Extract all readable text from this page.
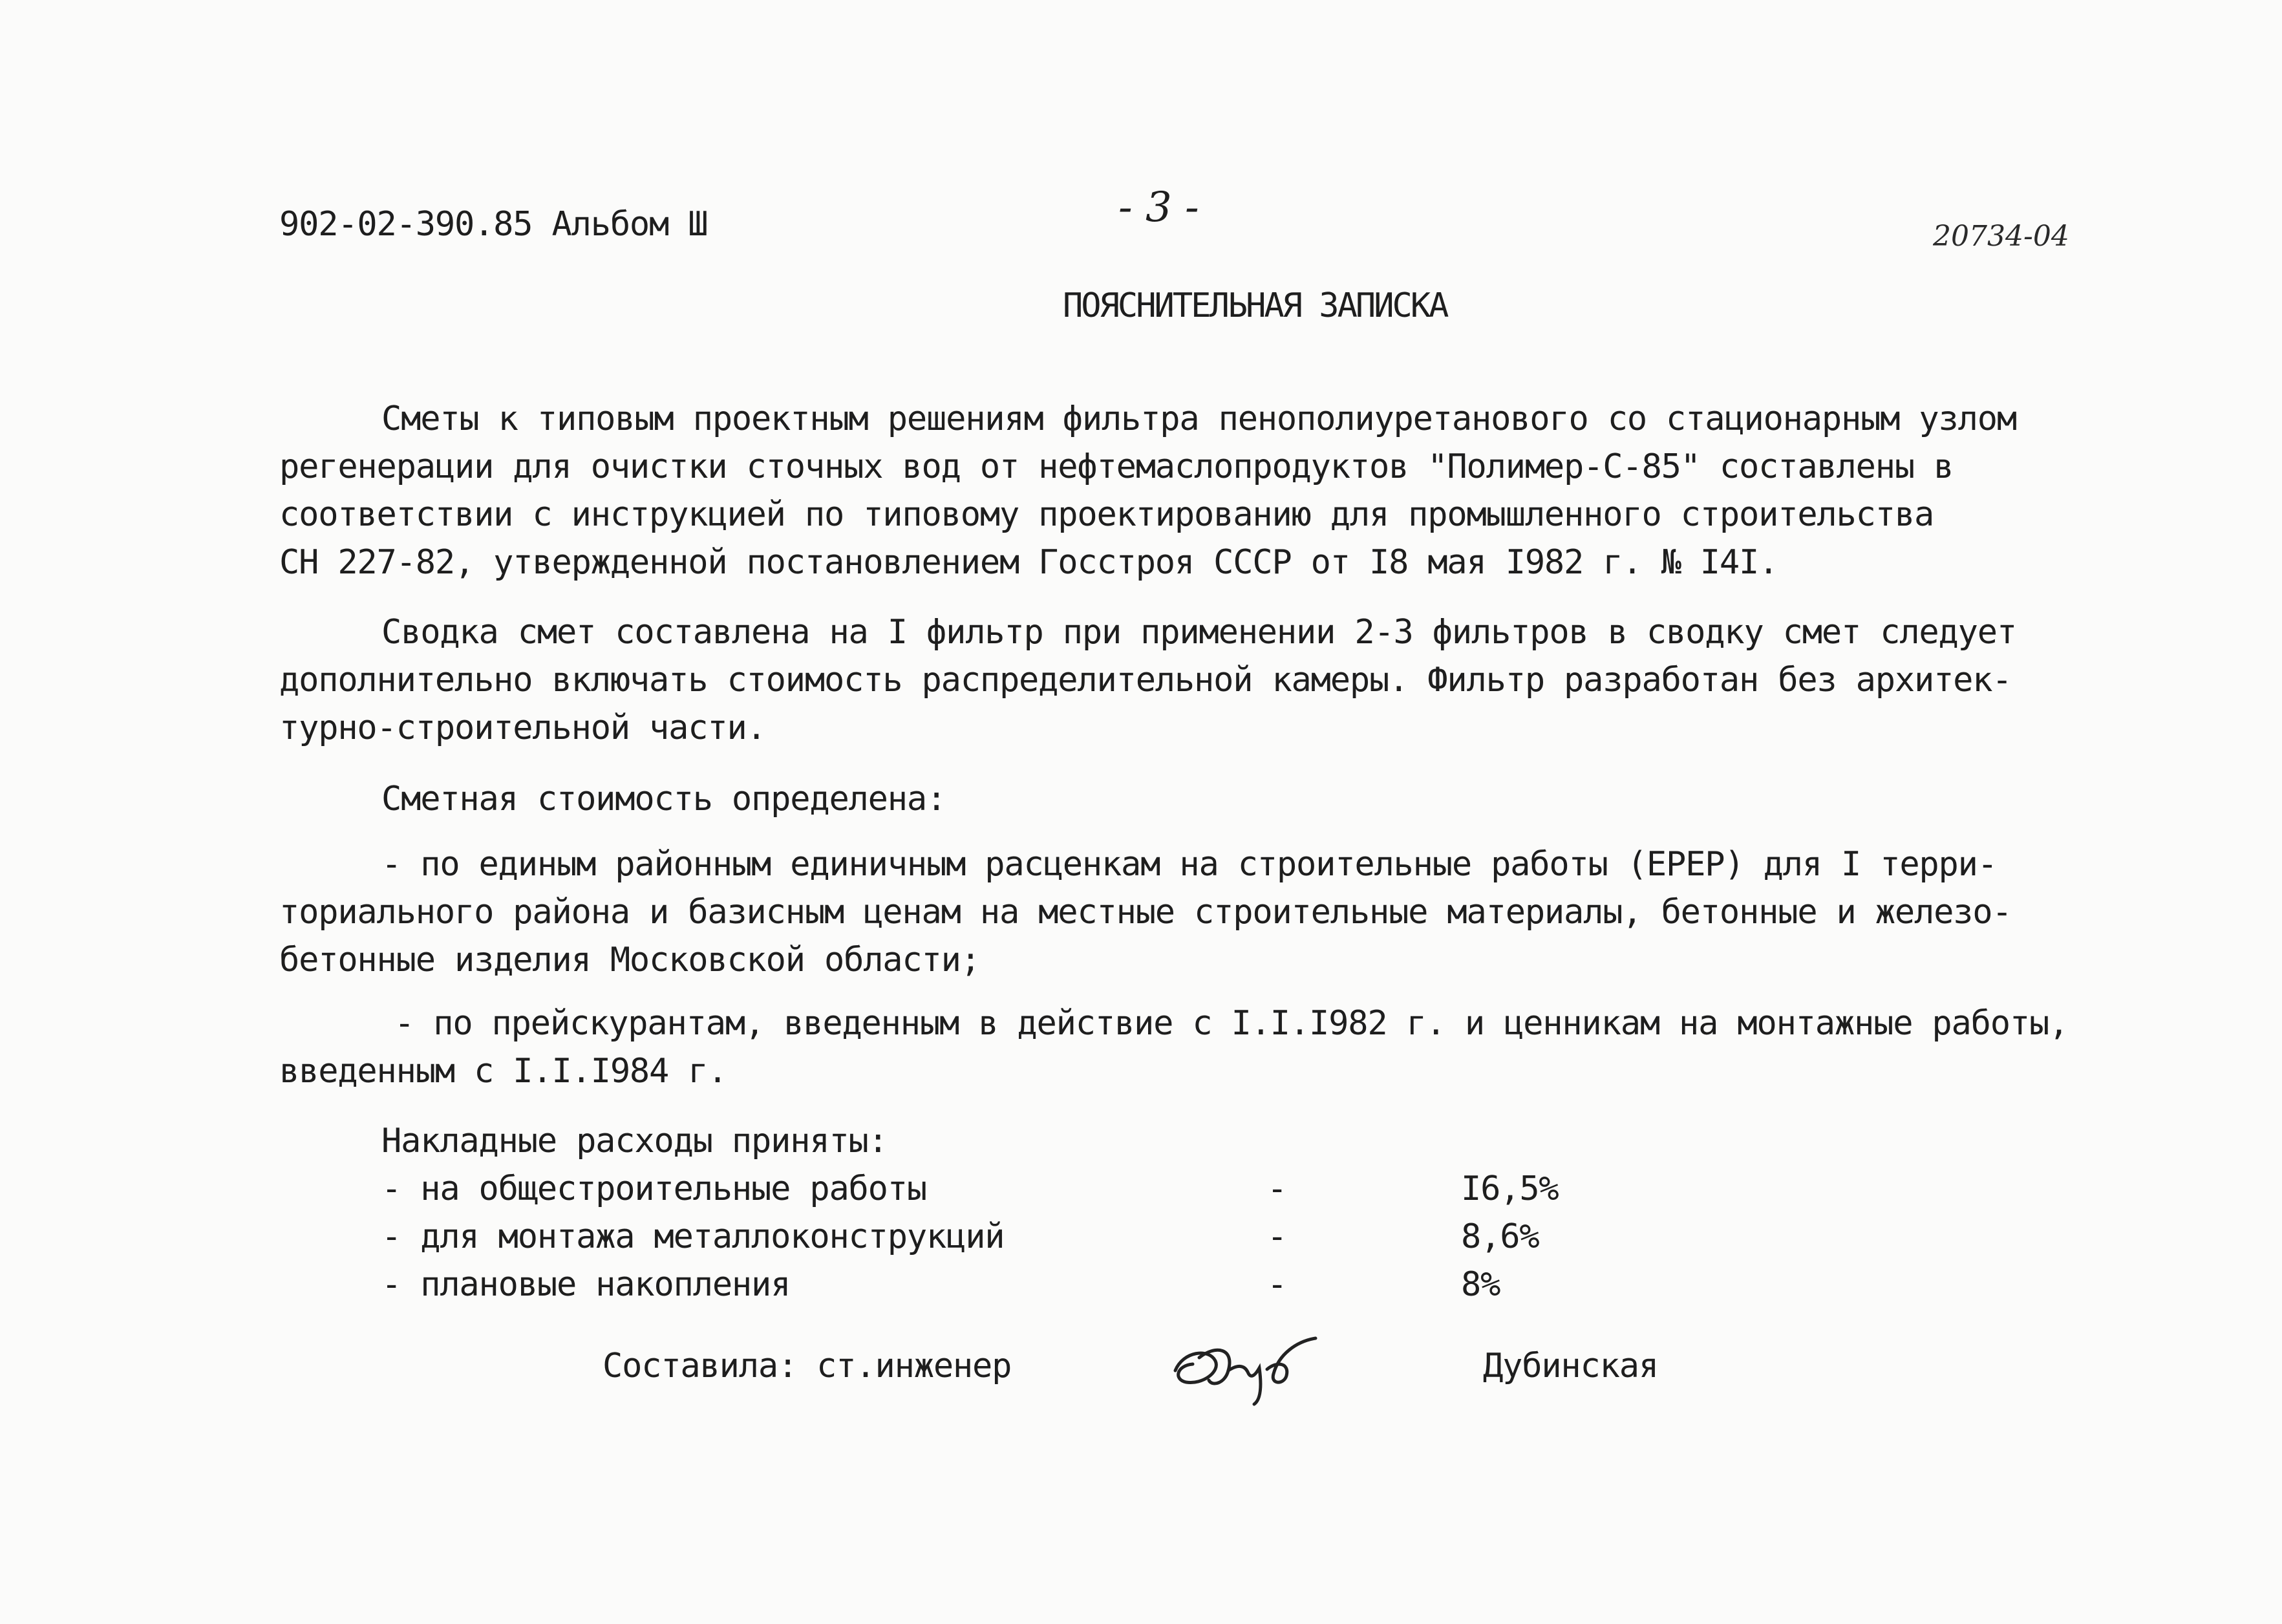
902-02-390.85 Альбом Ш	- 3 -
20734-04
ПОЯСНИТЕЛЬНАЯ ЗАПИСКА
Сметы к типовым проектным решениям фильтра пенополиуретанового со стационарным узлом
регенерации для очистки сточных вод от нефтемаслопродуктов "Полимер-С-85" составлены в
соответствии с инструкцией по типовому проектированию для промышленного строительства
СН 227-82, утвержденной постановлением Госстроя СССР от I8 мая I982 г. № I4I.
Сводка смет составлена на I фильтр при применении 2-3 фильтров в сводку смет следует
дополнительно включать стоимость распределительной камеры. Фильтр разработан без архитек-
турно-строительной части.
Сметная стоимость определена:
- по единым районным единичным расценкам на строительные работы (ЕРЕР) для I терри-
ториального района и базисным ценам на местные строительные материалы, бетонные и железо-
бетонные изделия Московской области;
- по прейскурантам, введенным в действие с I.I.I982 г. и ценникам на монтажные работы,
введенным с I.I.I984 г.
Накладные расходы приняты:
- на общестроительные работы	-	I6,5%
- для монтажа металлоконструкций	-	8,6%
- плановые накопления	-	8%
Составила: ст.инженер	Дубинская
